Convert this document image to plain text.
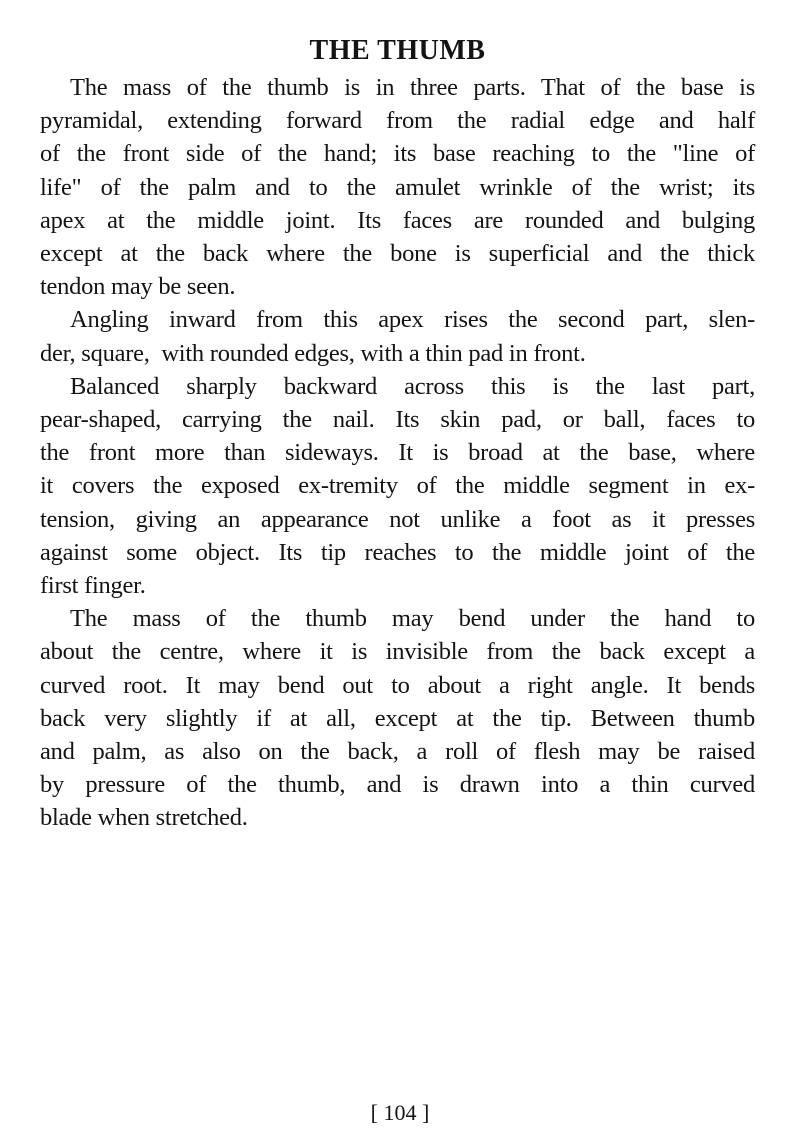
THE THUMB
The mass of the thumb is in three parts. That of the base is
pyramidal, extending forward from the radial edge and half
of the front side of the hand; its base reaching to the "line of
life" of the palm and to the amulet wrinkle of the wrist; its
apex at the middle joint. Its faces are rounded and bulging
except at the back where the bone is superficial and the thick
tendon may be seen.
Angling inward from this apex rises the second part, slen-
der, square,  with rounded edges, with a thin pad in front.
Balanced sharply backward across this is the last part,
pear-shaped, carrying the nail. Its skin pad, or ball, faces to
the front more than sideways. It is broad at the base, where
it covers the exposed ex-tremity of the middle segment in ex-
tension, giving an appearance not unlike a foot as it presses
against some object. Its tip reaches to the middle joint of the
first finger.
The mass of the thumb may bend under the hand to
about the centre, where it is invisible from the back except a
curved root. It may bend out to about a right angle. It bends
back very slightly if at all, except at the tip. Between thumb
and palm, as also on the back, a roll of flesh may be raised
by pressure of the thumb, and is drawn into a thin curved
blade when stretched.
[ 104 ]
